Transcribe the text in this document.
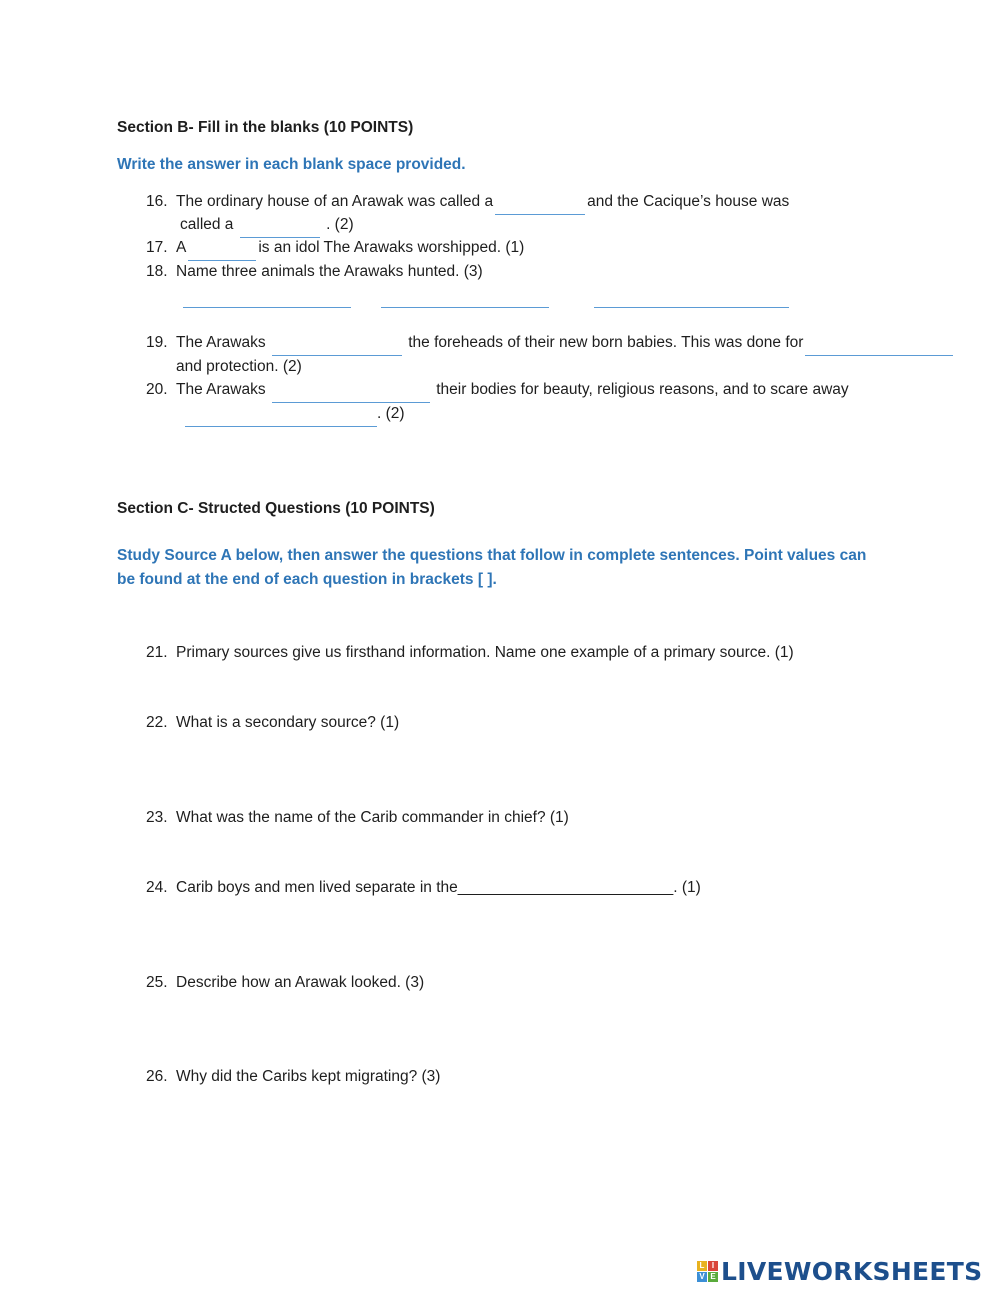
Section B- Fill in the blanks (10 POINTS)
Write the answer in each blank space provided.
16. The ordinary house of an Arawak was called a	and the Cacique’s house was
called a	. (2)
17. A	is an idol The Arawaks worshipped. (1)
18. Name three animals the Arawaks hunted. (3)
19. The Arawaks	the foreheads of their new born babies. This was done for
and protection. (2)
20. The Arawaks	their bodies for beauty, religious reasons, and to scare away
. (2)
Section C- Structed Questions (10 POINTS)
Study Source A below, then answer the questions that follow in complete sentences. Point values can
be found at the end of each question in brackets [ ].
21. Primary sources give us firsthand information. Name one example of a primary source. (1)
22. What is a secondary source? (1)
23. What was the name of the Carib commander in chief? (1)
24. Carib boys and men lived separate in the_________________________. (1)
25. Describe how an Arawak looked. (3)
26. Why did the Caribs kept migrating? (3)
L I
V E LIVEWORKSHEETS
